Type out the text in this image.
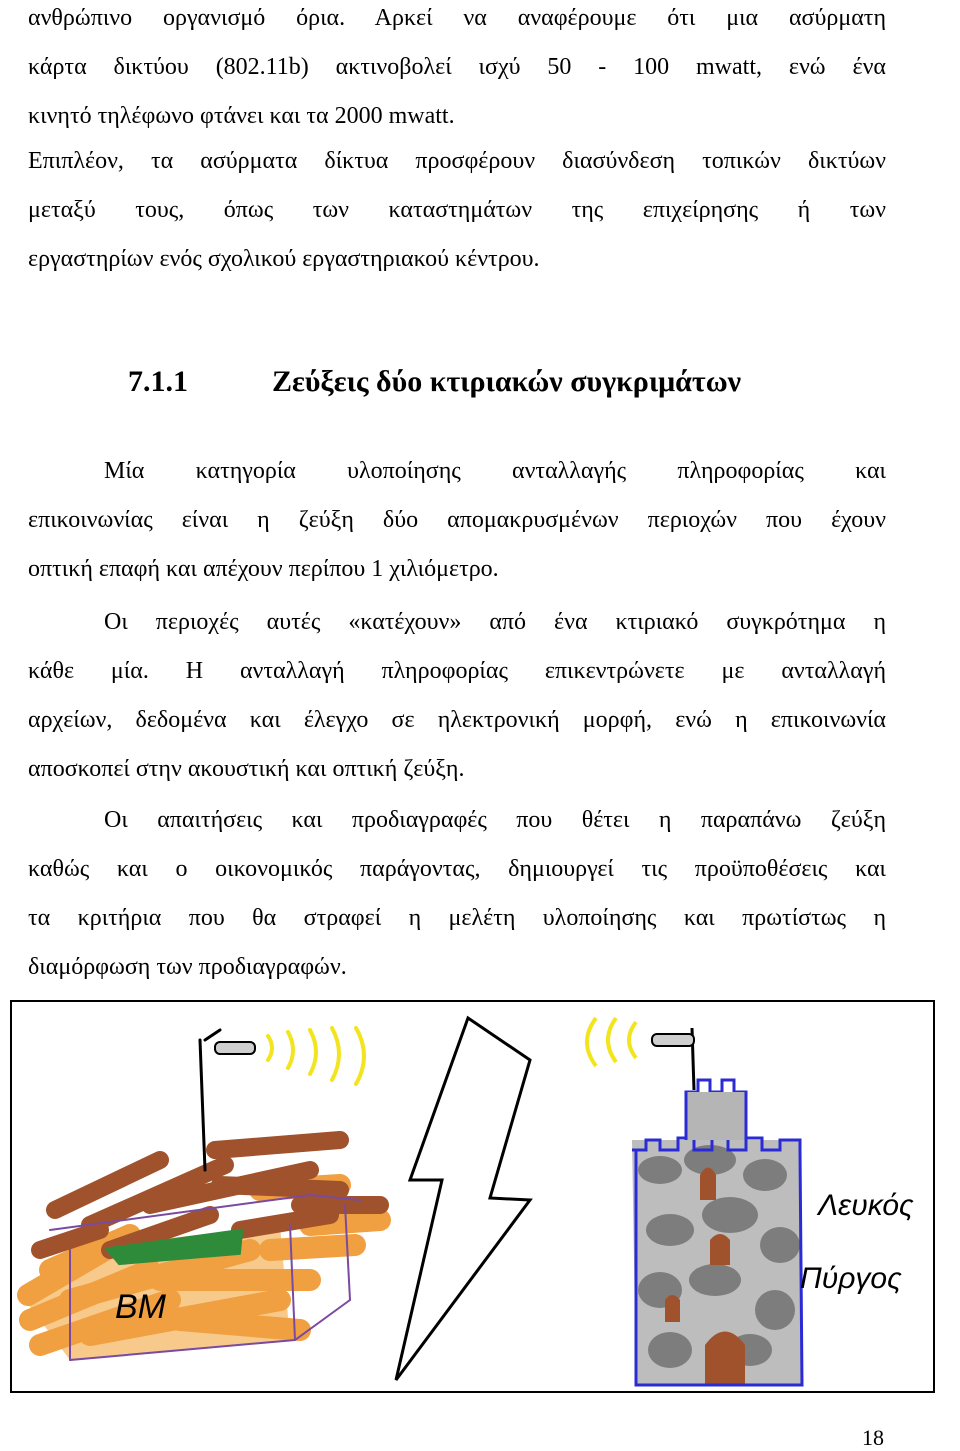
ανθρώπινο οργανισμό όρια. Αρκεί να αναφέρουμε ότι μια ασύρματη
κάρτα δικτύου (802.11b) ακτινοβολεί ισχύ 50 - 100 mwatt, ενώ ένα
κινητό τηλέφωνο φτάνει και τα 2000 mwatt.

Επιπλέον, τα ασύρματα δίκτυα προσφέρουν διασύνδεση τοπικών δικτύων
μεταξύ τους, όπως των καταστημάτων της επιχείρησης ή των
εργαστηρίων ενός σχολικού εργαστηριακού κέντρου.

7.1.1	Ζεύξεις δύο κτιριακών συγκριμάτων

Μία κατηγορία υλοποίησης ανταλλαγής πληροφορίας και
επικοινωνίας είναι η ζεύξη δύο απομακρυσμένων περιοχών που έχουν
οπτική επαφή και απέχουν περίπου 1 χιλιόμετρο.

Οι περιοχές αυτές «κατέχουν» από ένα κτιριακό συγκρότημα η
κάθε μία. Η ανταλλαγή πληροφορίας επικεντρώνετε με ανταλλαγή
αρχείων, δεδομένα και έλεγχο σε ηλεκτρονική μορφή, ενώ η επικοινωνία
αποσκοπεί στην ακουστική και οπτική ζεύξη.

Οι απαιτήσεις και προδιαγραφές που θέτει η παραπάνω ζεύξη
καθώς και ο οικονομικός παράγοντας, δημιουργεί τις προϋποθέσεις και
τα κριτήρια που θα στραφεί η μελέτη υλοποίησης και πρωτίστως η
διαμόρφωση των προδιαγραφών.

ΒΜ
Λευκός
Πύργος
18
